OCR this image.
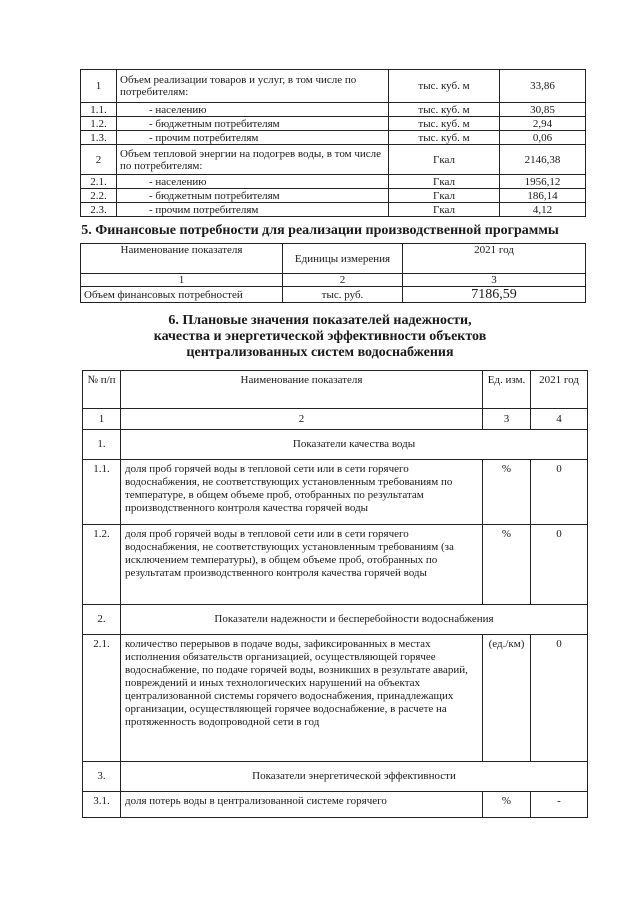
1	Объем реализации товаров и услуг, в том числе по потребителям:	тыс. куб. м	33,86
1.1.	- населению	тыс. куб. м	30,85
1.2.	- бюджетным потребителям	тыс. куб. м	2,94
1.3.	- прочим потребителям	тыс. куб. м	0,06
2	Объем тепловой энергии на подогрев воды, в том числе по потребителям:	Гкал	2146,38
2.1.	- населению	Гкал	1956,12
2.2.	- бюджетным потребителям	Гкал	186,14
2.3.	- прочим потребителям	Гкал	4,12
5. Финансовые потребности для реализации производственной программы
Наименование показателя	Единицы измерения	2021 год
1	2	3
Объем финансовых потребностей	тыс. руб.	7186,59
6. Плановые значения показателей надежности,
качества и энергетической эффективности объектов
централизованных систем водоснабжения
№ п/п	Наименование показателя	Ед. изм.	2021 год
1	2	3	4
1.	Показатели качества воды		
1.1.	доля проб горячей воды в тепловой сети или в сети горячего водоснабжения, не соответствующих установленным требованиям по температуре, в общем объеме проб, отобранных по результатам производственного контроля качества горячей воды	%	0
1.2.	доля проб горячей воды в тепловой сети или в сети горячего водоснабжения, не соответствующих установленным требованиям (за исключением температуры), в общем объеме проб, отобранных по результатам производственного контроля качества горячей воды	%	0
2.	Показатели надежности и бесперебойности водоснабжения		
2.1.	количество перерывов в подаче воды, зафиксированных в местах исполнения обязательств организацией, осуществляющей горячее водоснабжение, по подаче горячей воды, возникших в результате аварий, повреждений и иных технологических нарушений на объектах централизованной системы горячего водоснабжения, принадлежащих организации, осуществляющей горячее водоснабжение, в расчете на протяженность водопроводной сети в год	(ед./км)	0
3.	Показатели энергетической эффективности		
3.1.	доля потерь воды в централизованной системе горячего	%	-
